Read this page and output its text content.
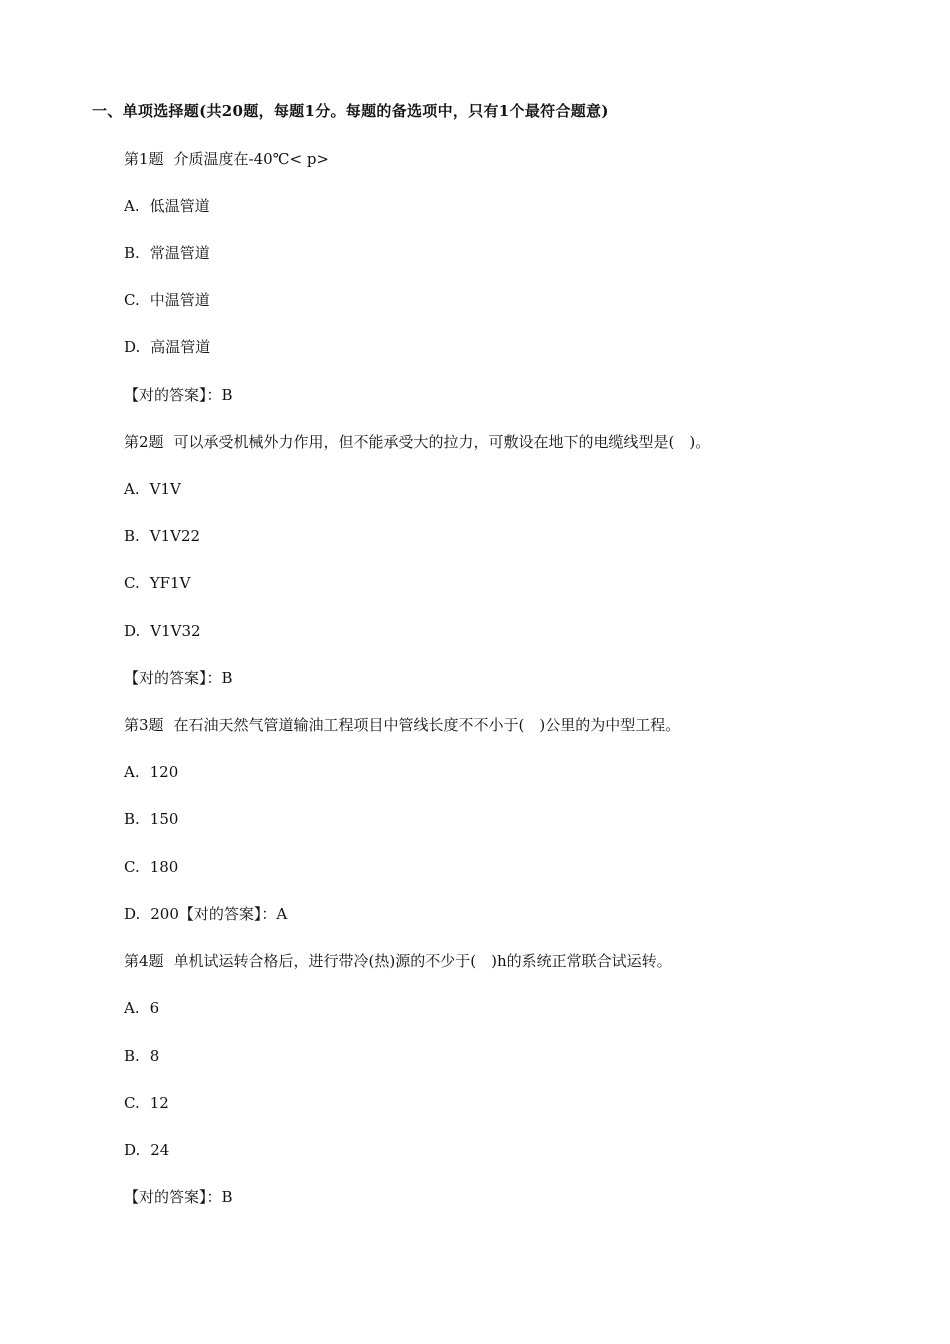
一、单项选择题(共20题，每题1分。每题的备选项中，只有1个最符合题意)
第1题 介质温度在-40℃< p>
A. 低温管道
B. 常温管道
C. 中温管道
D. 高温管道
【对的答案】：B
第2题 可以承受机械外力作用，但不能承受大的拉力，可敷设在地下的电缆线型是(　)。
A. V1V
B. V1V22
C. YF1V
D. V1V32
【对的答案】：B
第3题 在石油天然气管道输油工程项目中管线长度不不小于(　)公里的为中型工程。
A. 120
B. 150
C. 180
D. 200【对的答案】：A
第4题 单机试运转合格后，进行带冷(热)源的不少于(　)h的系统正常联合试运转。
A. 6
B. 8
C. 12
D. 24
【对的答案】：B
